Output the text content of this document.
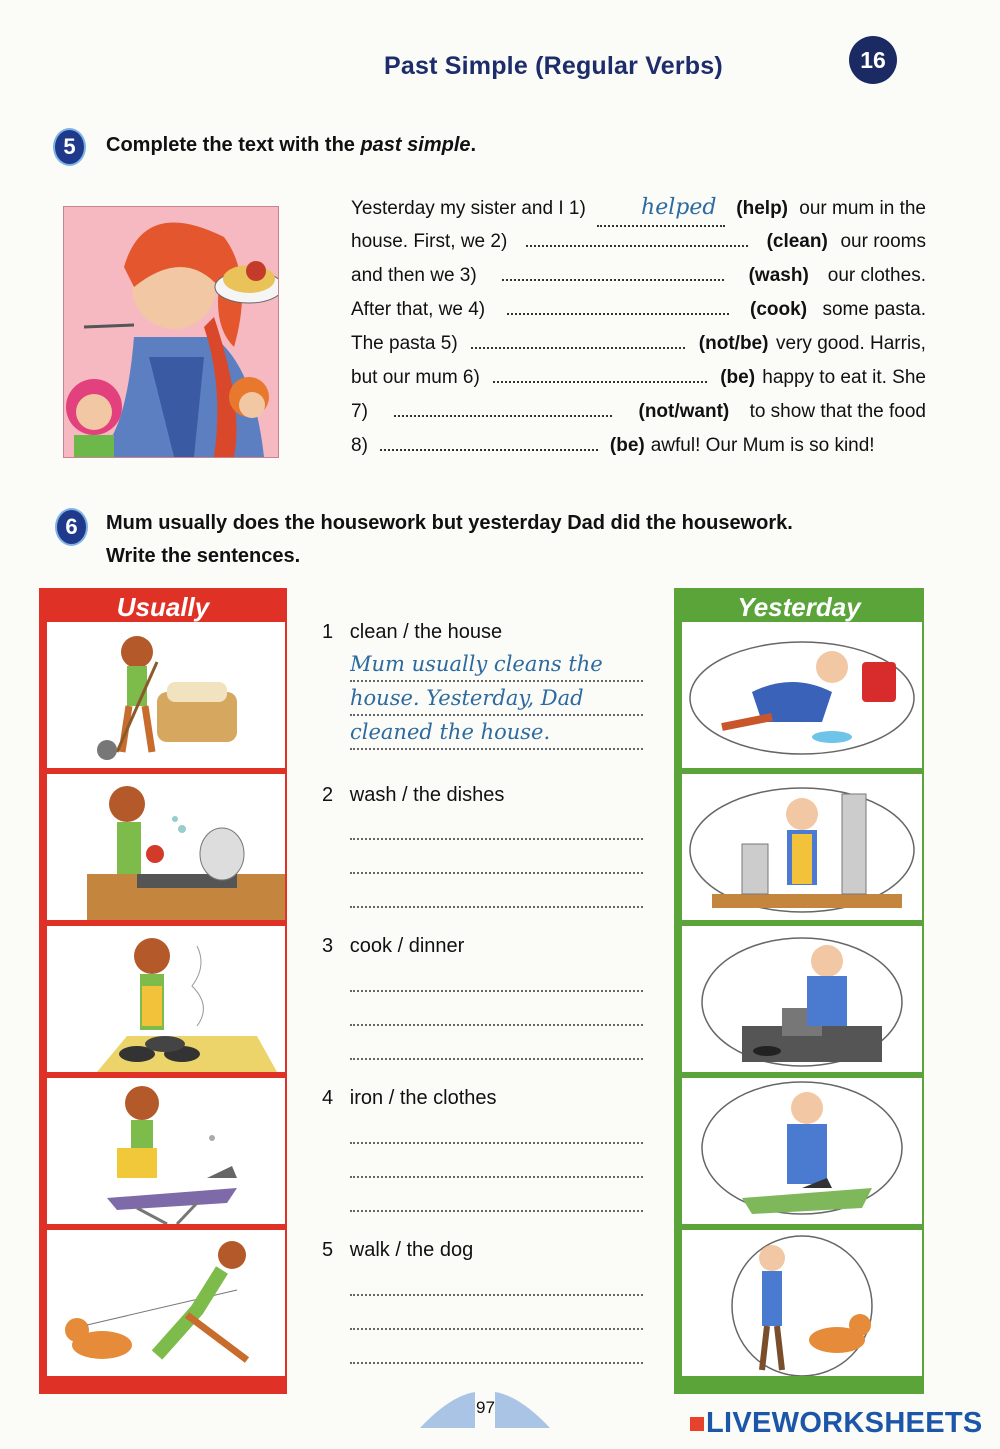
Past Simple (Regular Verbs)	16
5	Complete the text with the past simple.
Yesterday my sister and I 1)	helped	(help) our mum in the
house. First, we 2)	(clean) our rooms
and then we 3)	(wash) our clothes.
After that, we 4)	(cook) some pasta.
The pasta 5)	(not/be) very good. Harris,
but our mum 6)	(be) happy to eat it. She
7)	(not/want) to show that the food
8)	(be) awful! Our Mum is so kind!
6	Mum usually does the housework but yesterday Dad did the housework.
Write the sentences.
Usually	Yesterday
1 clean / the house
Mum usually cleans the
house. Yesterday, Dad
cleaned the house.
2 wash / the dishes
3 cook / dinner
4 iron / the clothes
5 walk / the dog
97	LIVEWORKSHEETS
